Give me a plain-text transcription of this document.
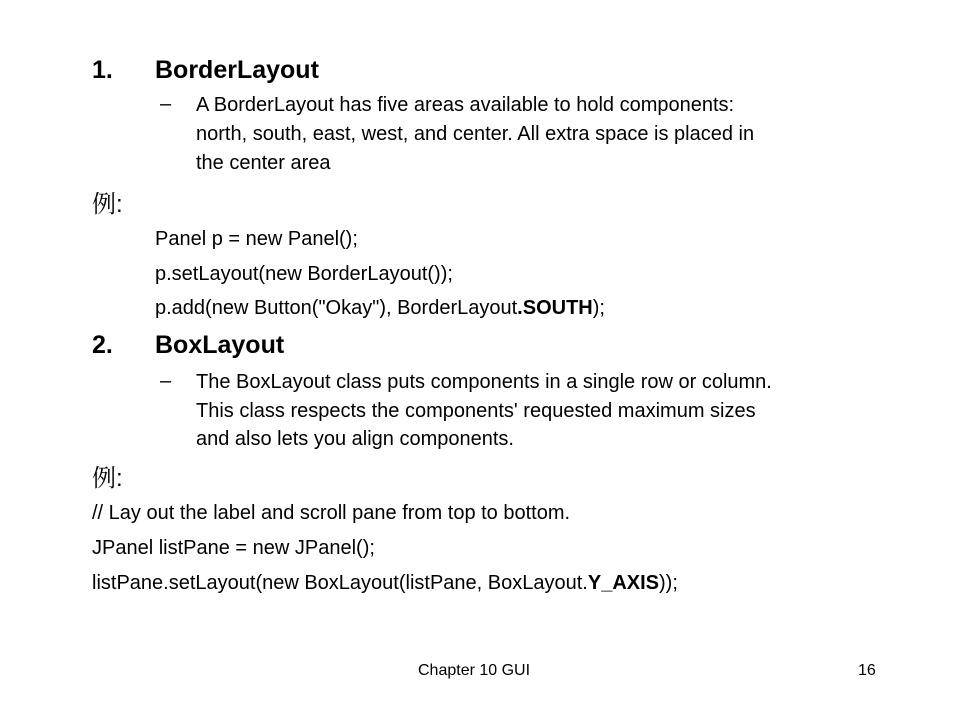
1. BorderLayout
– A BorderLayout has five areas available to hold components:
north, south, east, west, and center. All extra space is placed in
the center area
例:
Panel p = new Panel();
p.setLayout(new BorderLayout());
p.add(new Button("Okay"), BorderLayout.SOUTH);
2. BoxLayout
– The BoxLayout class puts components in a single row or column.
This class respects the components' requested maximum sizes
and also lets you align components.
例:
// Lay out the label and scroll pane from top to bottom.
JPanel listPane = new JPanel();
listPane.setLayout(new BoxLayout(listPane, BoxLayout.Y_AXIS));
Chapter 10 GUI	16
